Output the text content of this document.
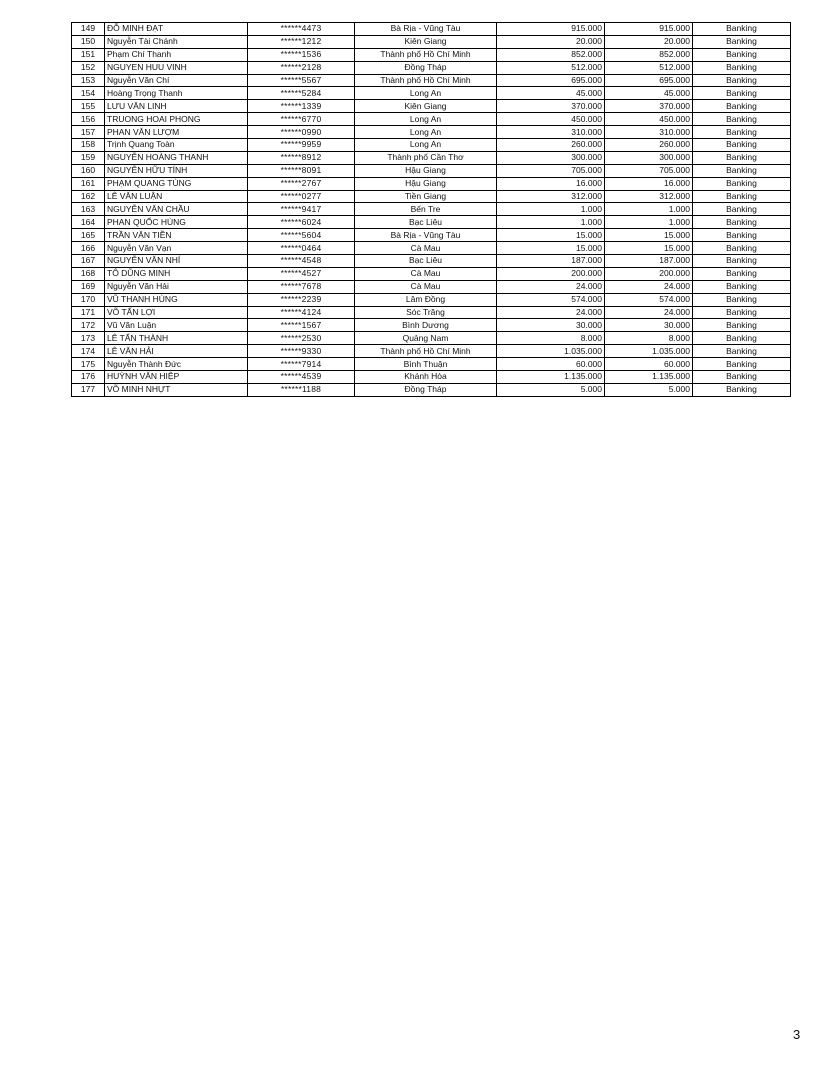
149	ĐỖ MINH ĐẠT	******4473	Bà Rịa - Vũng Tàu	915.000	915.000	Banking
150	Nguyễn Tài Chánh	******1212	Kiên Giang	20.000	20.000	Banking
151	Phạm Chí Thanh	******1536	Thành phố Hồ Chí Minh	852.000	852.000	Banking
152	NGUYEN HUU VINH	******2128	Đồng Tháp	512.000	512.000	Banking
153	Nguyễn Văn Chí	******5567	Thành phố Hồ Chí Minh	695.000	695.000	Banking
154	Hoàng Trọng Thanh	******5284	Long An	45.000	45.000	Banking
155	LƯU VĂN LINH	******1339	Kiên Giang	370.000	370.000	Banking
156	TRUONG HOAI PHONG	******6770	Long An	450.000	450.000	Banking
157	PHAN VĂN LƯỢM	******0990	Long An	310.000	310.000	Banking
158	Trịnh Quang Toàn	******9959	Long An	260.000	260.000	Banking
159	NGUYỄN HOÀNG THANH	******8912	Thành phố Cần Thơ	300.000	300.000	Banking
160	NGUYỄN HỮU TÍNH	******8091	Hậu Giang	705.000	705.000	Banking
161	PHẠM QUANG TÙNG	******2767	Hậu Giang	16.000	16.000	Banking
162	LÊ VĂN LUẬN	******0277	Tiền Giang	312.000	312.000	Banking
163	NGUYỄN VĂN CHẦU	******9417	Bến Tre	1.000	1.000	Banking
164	PHAN QUỐC HÙNG	******6024	Bạc Liêu	1.000	1.000	Banking
165	TRẦN VĂN TIỀN	******5604	Bà Rịa - Vũng Tàu	15.000	15.000	Banking
166	Nguyễn Văn Vạn	******0464	Cà Mau	15.000	15.000	Banking
167	NGUYỄN VĂN NHÍ	******4548	Bạc Liêu	187.000	187.000	Banking
168	TÔ DŨNG MINH	******4527	Cà Mau	200.000	200.000	Banking
169	Nguyễn Văn Hải	******7678	Cà Mau	24.000	24.000	Banking
170	VŨ THANH HÙNG	******2239	Lâm Đồng	574.000	574.000	Banking
171	VÕ TẤN LỢI	******4124	Sóc Trăng	24.000	24.000	Banking
172	Vũ Văn Luận	******1567	Bình Dương	30.000	30.000	Banking
173	LÊ TẤN THÀNH	******2530	Quảng Nam	8.000	8.000	Banking
174	LÊ VĂN HẢI	******9330	Thành phố Hồ Chí Minh	1.035.000	1.035.000	Banking
175	Nguyễn Thành Đức	******7914	Bình Thuận	60.000	60.000	Banking
176	HUỲNH VĂN HIỆP	******4539	Khánh Hòa	1.135.000	1.135.000	Banking
177	VÕ MINH NHỰT	******1188	Đồng Tháp	5.000	5.000	Banking
3
